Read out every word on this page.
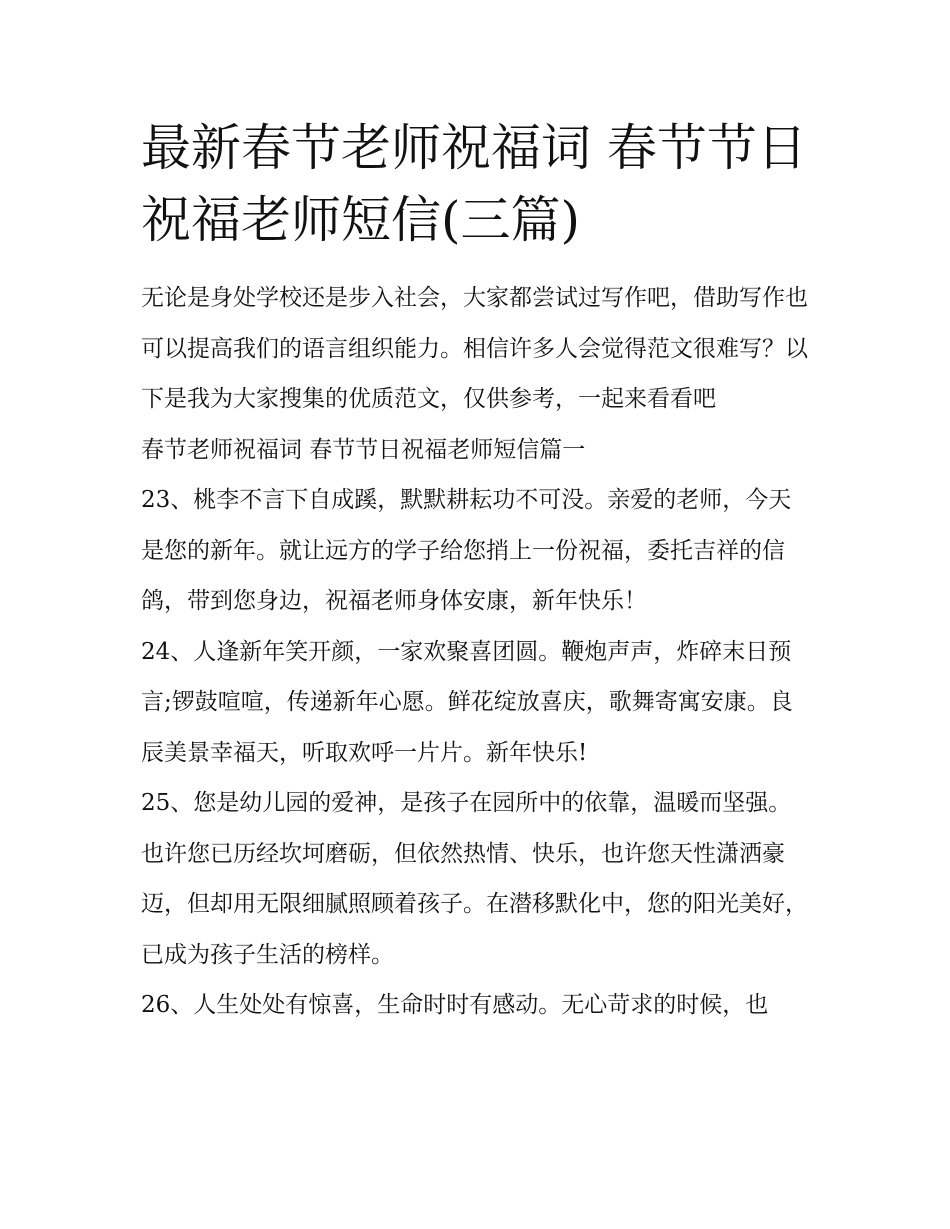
最新春节老师祝福词 春节节日祝福老师短信(三篇)

无论是身处学校还是步入社会，大家都尝试过写作吧，借助写作也可以提高我们的语言组织能力。相信许多人会觉得范文很难写？以下是我为大家搜集的优质范文，仅供参考，一起来看看吧

春节老师祝福词 春节节日祝福老师短信篇一

23、桃李不言下自成蹊，默默耕耘功不可没。亲爱的老师，今天是您的新年。就让远方的学子给您捎上一份祝福，委托吉祥的信鸽，带到您身边，祝福老师身体安康，新年快乐！

24、人逢新年笑开颜，一家欢聚喜团圆。鞭炮声声，炸碎末日预言;锣鼓喧喧，传递新年心愿。鲜花绽放喜庆，歌舞寄寓安康。良辰美景幸福天，听取欢呼一片片。新年快乐!

25、您是幼儿园的爱神，是孩子在园所中的依靠，温暖而坚强。也许您已历经坎坷磨砺，但依然热情、快乐，也许您天性潇洒豪迈，但却用无限细腻照顾着孩子。在潜移默化中，您的阳光美好，已成为孩子生活的榜样。

26、人生处处有惊喜，生命时时有感动。无心苛求的时候，也
